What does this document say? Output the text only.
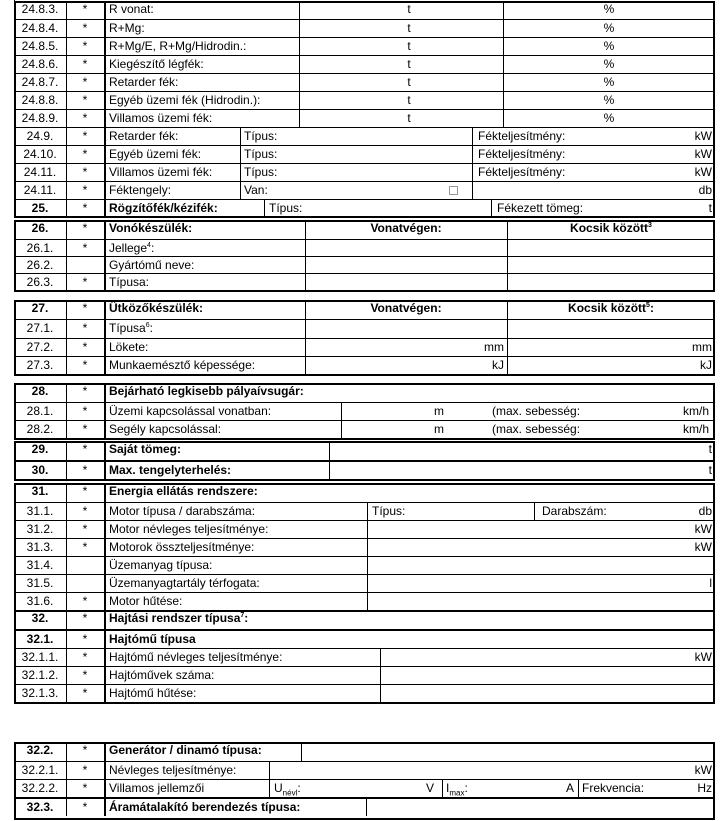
24.8.3.	*	R vonat:	t	%
24.8.4.	*	R+Mg:	t	%
24.8.5.	*	R+Mg/E, R+Mg/Hidrodin.:	t	%
24.8.6.	*	Kiegészítő légfék:	t	%
24.8.7.	*	Retarder fék:	t	%
24.8.8.	*	Egyéb üzemi fék (Hidrodin.):	t	%
24.8.9.	*	Villamos üzemi fék:	t	%
24.9.	*	Retarder fék:	Típus:	Fékteljesítmény:	kW
24.10.	*	Egyéb üzemi fék:	Típus:	Fékteljesítmény:	kW
24.11.	*	Villamos üzemi fék:	Típus:	Fékteljesítmény:	kW
24.11.	*	Féktengely:	Van:	db
25.	*	Rögzítőfék/kézifék:	Típus:	Fékezett tömeg:	t
26.	*	Vonókészülék:	Vonatvégen:	Kocsik között$^3$
26.1.	*	Jellege$^4$:
26.2.	Gyártómű neve:
26.3.	*	Típusa:
27.	*	Ütközőkészülék:	Vonatvégen:	Kocsik között$^5$:
27.1.	*	Típusa$^6$:
27.2.	*	Lökete:	mm	mm
27.3.	*	Munkaemésztő képessége:	kJ	kJ
28.	*	Bejárható legkisebb pályaívsugár:
28.1.	*	Üzemi kapcsolással vonatban:	m	(max. sebesség:	km/h
28.2.	*	Segély kapcsolással:	m	(max. sebesség:	km/h
29.	*	Saját tömeg:	t
30.	*	Max. tengelyterhelés:	t
31.	*	Energia ellátás rendszere:
31.1.	*	Motor típusa / darabszáma:	Típus:	Darabszám:	db
31.2.	*	Motor névleges teljesítménye:	kW
31.3.	*	Motorok összteljesítménye:	kW
31.4.	Üzemanyag típusa:
31.5.	Üzemanyagtartály térfogata:	l
31.6.	*	Motor hűtése:
32.	*	Hajtási rendszer típusa$^7$:
32.1.	*	Hajtómű típusa
32.1.1.	*	Hajtómű névleges teljesítménye:	kW
32.1.2.	*	Hajtóművek száma:
32.1.3.	*	Hajtómű hűtése:
32.2.	*	Generátor / dinamó típusa:
32.2.1.	*	Névleges teljesítménye:	kW
32.2.2.	*	Villamos jellemzői	$U_{névl}$:	V $I_{max}$:	A Frekvencia:	Hz
32.3.	*	Áramátalakító berendezés típusa:
